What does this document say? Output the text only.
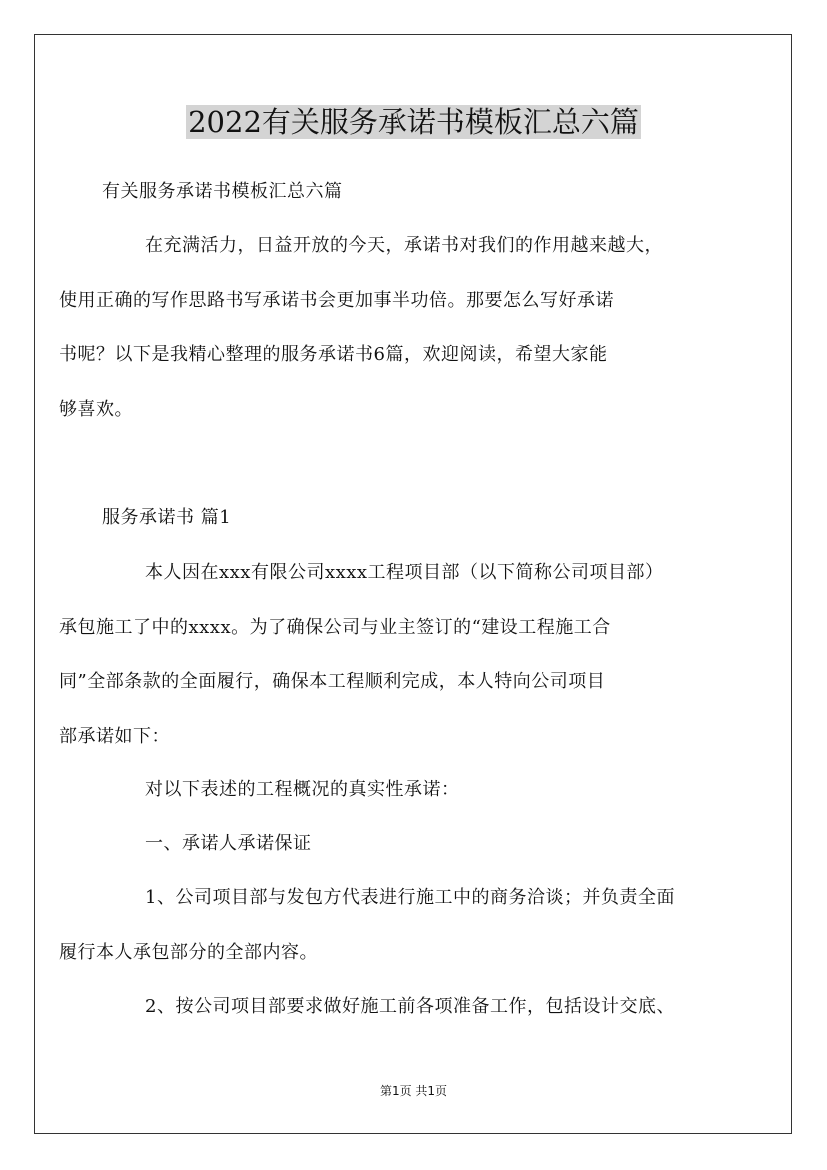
2022有关服务承诺书模板汇总六篇

有关服务承诺书模板汇总六篇

在充满活力，日益开放的今天，承诺书对我们的作用越来越大，
使用正确的写作思路书写承诺书会更加事半功倍。那要怎么写好承诺
书呢？以下是我精心整理的服务承诺书6篇，欢迎阅读，希望大家能
够喜欢。

服务承诺书 篇1

本人因在xxx有限公司xxxx工程项目部（以下简称公司项目部）
承包施工了中的xxxx。为了确保公司与业主签订的“建设工程施工合
同”全部条款的全面履行，确保本工程顺利完成，本人特向公司项目
部承诺如下：

对以下表述的工程概况的真实性承诺：

一、承诺人承诺保证

1、公司项目部与发包方代表进行施工中的商务洽谈；并负责全面
履行本人承包部分的全部内容。

2、按公司项目部要求做好施工前各项准备工作，包括设计交底、

第1页 共1页
